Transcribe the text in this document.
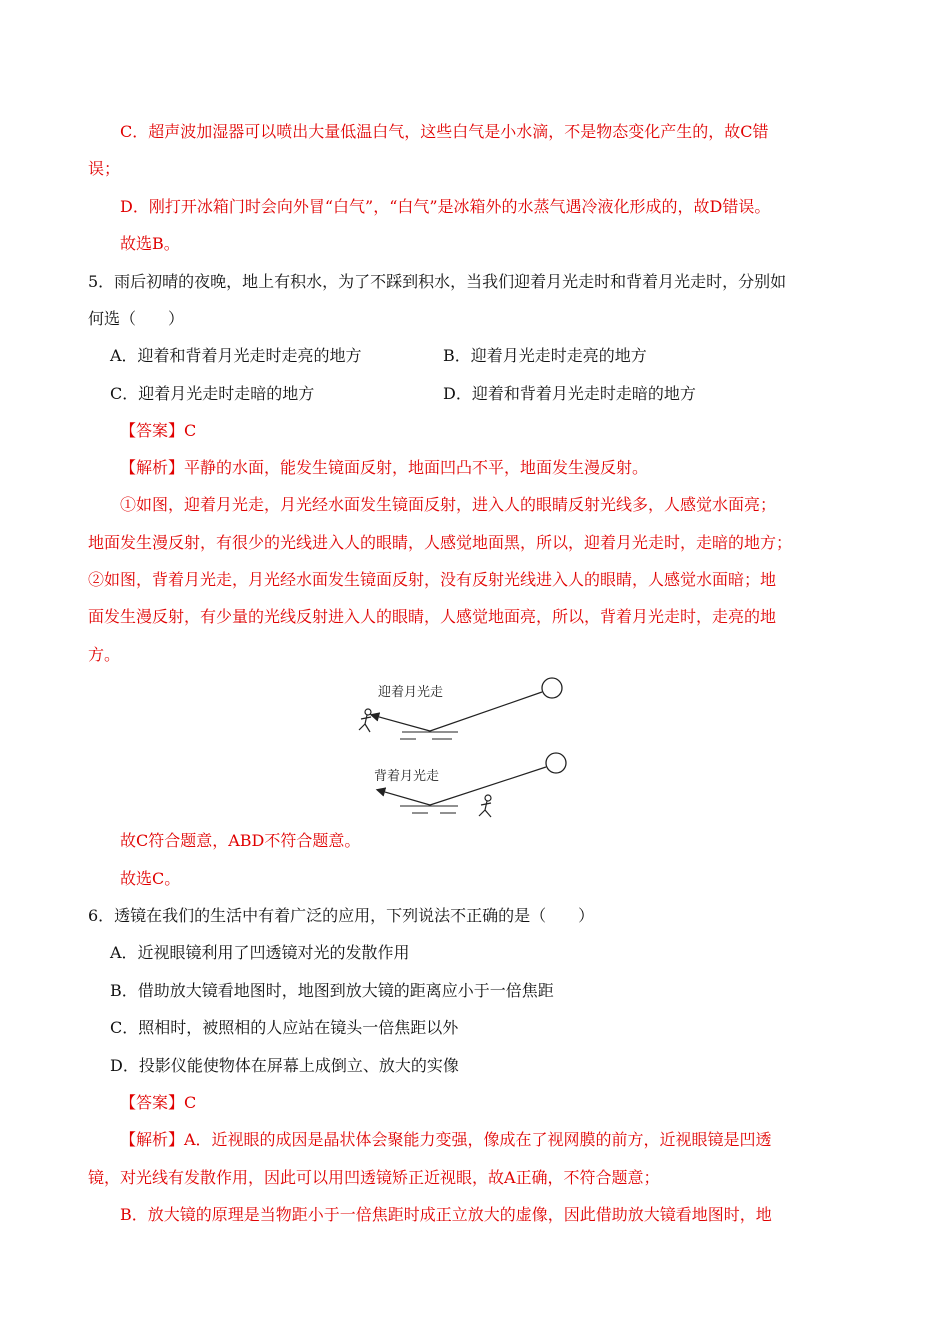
C．超声波加湿器可以喷出大量低温白气，这些白气是小水滴，不是物态变化产生的，故C错
误；
D．刚打开冰箱门时会向外冒“白气”，“白气”是冰箱外的水蒸气遇冷液化形成的，故D错误。
故选B。
5．雨后初晴的夜晚，地上有积水，为了不踩到积水，当我们迎着月光走时和背着月光走时，分别如
何选（　　）
A．迎着和背着月光走时走亮的地方	B．迎着月光走时走亮的地方
C．迎着月光走时走暗的地方	D．迎着和背着月光走时走暗的地方
【答案】C
【解析】平静的水面，能发生镜面反射，地面凹凸不平，地面发生漫反射。
①如图，迎着月光走，月光经水面发生镜面反射，进入人的眼睛反射光线多，人感觉水面亮；
地面发生漫反射，有很少的光线进入人的眼睛，人感觉地面黑，所以，迎着月光走时，走暗的地方；
②如图，背着月光走，月光经水面发生镜面反射，没有反射光线进入人的眼睛，人感觉水面暗；地
面发生漫反射，有少量的光线反射进入人的眼睛，人感觉地面亮，所以，背着月光走时，走亮的地
方。
迎着月光走
背着月光走
故C符合题意，ABD不符合题意。
故选C。
6．透镜在我们的生活中有着广泛的应用，下列说法不正确的是（　　）
A．近视眼镜利用了凹透镜对光的发散作用
B．借助放大镜看地图时，地图到放大镜的距离应小于一倍焦距
C．照相时，被照相的人应站在镜头一倍焦距以外
D．投影仪能使物体在屏幕上成倒立、放大的实像
【答案】C
【解析】A．近视眼的成因是晶状体会聚能力变强，像成在了视网膜的前方，近视眼镜是凹透
镜，对光线有发散作用，因此可以用凹透镜矫正近视眼，故A正确，不符合题意；
B．放大镜的原理是当物距小于一倍焦距时成正立放大的虚像，因此借助放大镜看地图时，地
